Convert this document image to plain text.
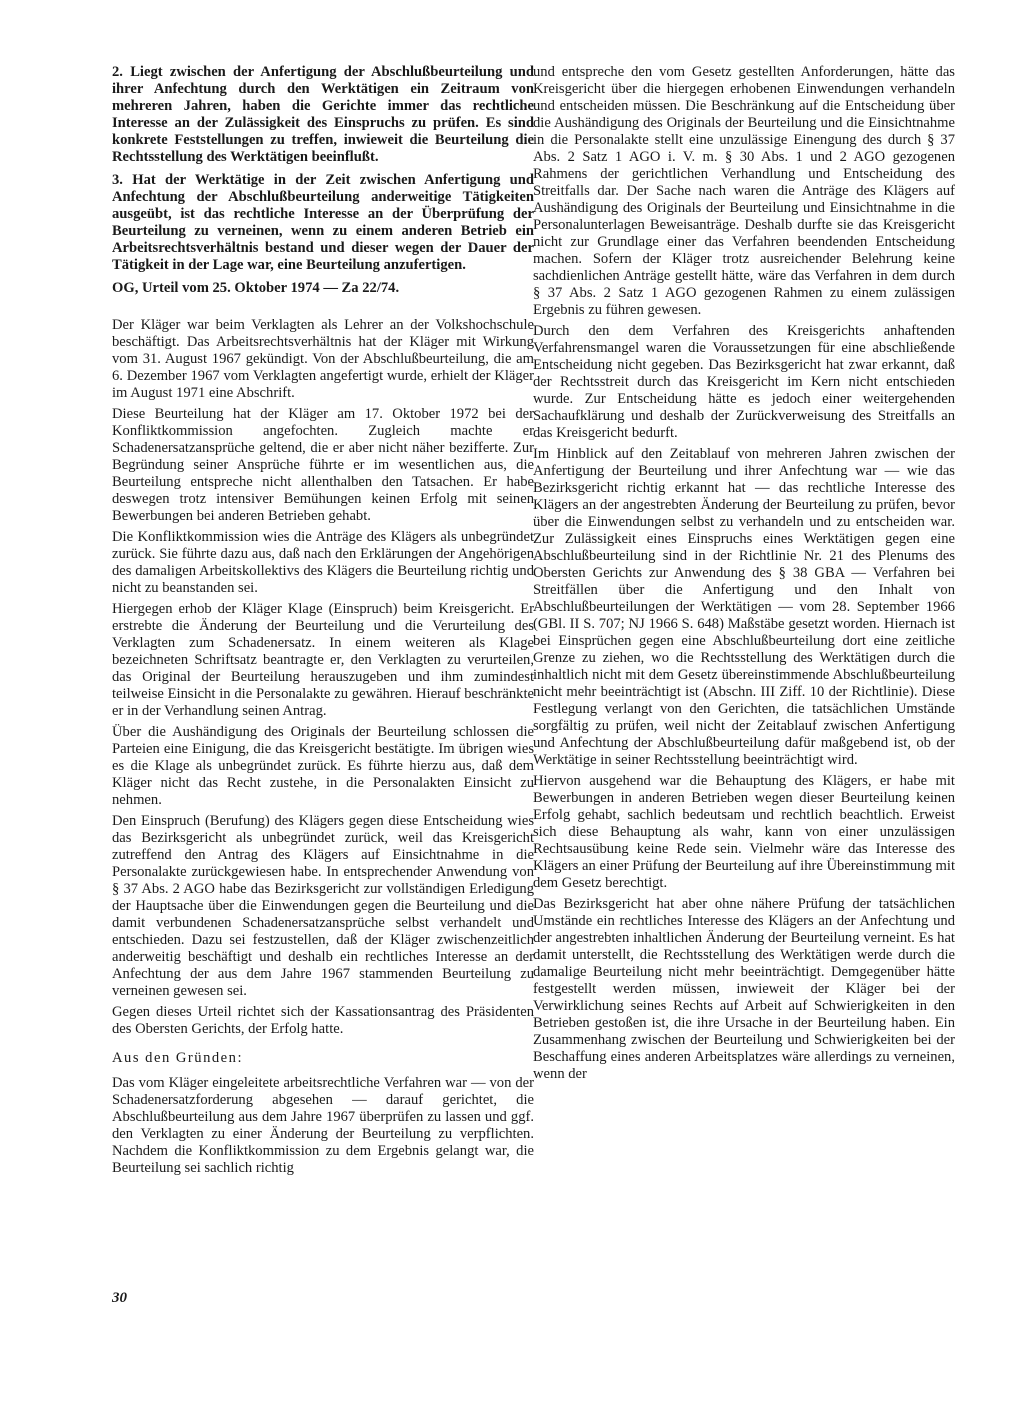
2. Liegt zwischen der Anfertigung der Abschlußbeurteilung und ihrer Anfechtung durch den Werktätigen ein Zeitraum von mehreren Jahren, haben die Gerichte immer das rechtliche Interesse an der Zulässigkeit des Einspruchs zu prüfen. Es sind konkrete Feststellungen zu treffen, inwieweit die Beurteilung die Rechtsstellung des Werktätigen beeinflußt.

3. Hat der Werktätige in der Zeit zwischen Anfertigung und Anfechtung der Abschlußbeurteilung anderweitige Tätigkeiten ausgeübt, ist das rechtliche Interesse an der Überprüfung der Beurteilung zu verneinen, wenn zu einem anderen Betrieb ein Arbeitsrechtsverhältnis bestand und dieser wegen der Dauer der Tätigkeit in der Lage war, eine Beurteilung anzufertigen.

OG, Urteil vom 25. Oktober 1974 — Za 22/74.

Der Kläger war beim Verklagten als Lehrer an der Volkshochschule beschäftigt. Das Arbeitsrechtsverhältnis hat der Kläger mit Wirkung vom 31. August 1967 gekündigt. Von der Abschlußbeurteilung, die am 6. Dezember 1967 vom Verklagten angefertigt wurde, erhielt der Kläger im August 1971 eine Abschrift.

Diese Beurteilung hat der Kläger am 17. Oktober 1972 bei der Konfliktkommission angefochten. Zugleich machte er Schadenersatzansprüche geltend, die er aber nicht näher bezifferte. Zur Begründung seiner Ansprüche führte er im wesentlichen aus, die Beurteilung entspreche nicht allenthalben den Tatsachen. Er habe deswegen trotz intensiver Bemühungen keinen Erfolg mit seinen Bewerbungen bei anderen Betrieben gehabt.

Die Konfliktkommission wies die Anträge des Klägers als unbegründet zurück. Sie führte dazu aus, daß nach den Erklärungen der Angehörigen des damaligen Arbeitskollektivs des Klägers die Beurteilung richtig und nicht zu beanstanden sei.

Hiergegen erhob der Kläger Klage (Einspruch) beim Kreisgericht. Er erstrebte die Änderung der Beurteilung und die Verurteilung des Verklagten zum Schadenersatz. In einem weiteren als Klage bezeichneten Schriftsatz beantragte er, den Verklagten zu verurteilen, das Original der Beurteilung herauszugeben und ihm zumindest teilweise Einsicht in die Personalakte zu gewähren. Hierauf beschränkte er in der Verhandlung seinen Antrag.

Über die Aushändigung des Originals der Beurteilung schlossen die Parteien eine Einigung, die das Kreisgericht bestätigte. Im übrigen wies es die Klage als unbegründet zurück. Es führte hierzu aus, daß dem Kläger nicht das Recht zustehe, in die Personalakten Einsicht zu nehmen.

Den Einspruch (Berufung) des Klägers gegen diese Entscheidung wies das Bezirksgericht als unbegründet zurück, weil das Kreisgericht zutreffend den Antrag des Klägers auf Einsichtnahme in die Personalakte zurückgewiesen habe. In entsprechender Anwendung von § 37 Abs. 2 AGO habe das Bezirksgericht zur vollständigen Erledigung der Hauptsache über die Einwendungen gegen die Beurteilung und die damit verbundenen Schadenersatzansprüche selbst verhandelt und entschieden. Dazu sei festzustellen, daß der Kläger zwischenzeitlich anderweitig beschäftigt und deshalb ein rechtliches Interesse an der Anfechtung der aus dem Jahre 1967 stammenden Beurteilung zu verneinen gewesen sei.

Gegen dieses Urteil richtet sich der Kassationsantrag des Präsidenten des Obersten Gerichts, der Erfolg hatte.

Aus den Gründen:

Das vom Kläger eingeleitete arbeitsrechtliche Verfahren war — von der Schadenersatzforderung abgesehen — darauf gerichtet, die Abschlußbeurteilung aus dem Jahre 1967 überprüfen zu lassen und ggf. den Verklagten zu einer Änderung der Beurteilung zu verpflichten. Nachdem die Konfliktkommission zu dem Ergebnis gelangt war, die Beurteilung sei sachlich richtig

und entspreche den vom Gesetz gestellten Anforderungen, hätte das Kreisgericht über die hiergegen erhobenen Einwendungen verhandeln und entscheiden müssen. Die Beschränkung auf die Entscheidung über die Aushändigung des Originals der Beurteilung und die Einsichtnahme in die Personalakte stellt eine unzulässige Einengung des durch § 37 Abs. 2 Satz 1 AGO i. V. m. § 30 Abs. 1 und 2 AGO gezogenen Rahmens der gerichtlichen Verhandlung und Entscheidung des Streitfalls dar. Der Sache nach waren die Anträge des Klägers auf Aushändigung des Originals der Beurteilung und Einsichtnahme in die Personalunterlagen Beweisanträge. Deshalb durfte sie das Kreisgericht nicht zur Grundlage einer das Verfahren beendenden Entscheidung machen. Sofern der Kläger trotz ausreichender Belehrung keine sachdienlichen Anträge gestellt hätte, wäre das Verfahren in dem durch § 37 Abs. 2 Satz 1 AGO gezogenen Rahmen zu einem zulässigen Ergebnis zu führen gewesen.

Durch den dem Verfahren des Kreisgerichts anhaftenden Verfahrensmangel waren die Voraussetzungen für eine abschließende Entscheidung nicht gegeben. Das Bezirksgericht hat zwar erkannt, daß der Rechtsstreit durch das Kreisgericht im Kern nicht entschieden wurde. Zur Entscheidung hätte es jedoch einer weitergehenden Sachaufklärung und deshalb der Zurückverweisung des Streitfalls an das Kreisgericht bedurft.

Im Hinblick auf den Zeitablauf von mehreren Jahren zwischen der Anfertigung der Beurteilung und ihrer Anfechtung war — wie das Bezirksgericht richtig erkannt hat — das rechtliche Interesse des Klägers an der angestrebten Änderung der Beurteilung zu prüfen, bevor über die Einwendungen selbst zu verhandeln und zu entscheiden war. Zur Zulässigkeit eines Einspruchs eines Werktätigen gegen eine Abschlußbeurteilung sind in der Richtlinie Nr. 21 des Plenums des Obersten Gerichts zur Anwendung des § 38 GBA — Verfahren bei Streitfällen über die Anfertigung und den Inhalt von Abschlußbeurteilungen der Werktätigen — vom 28. September 1966 (GBl. II S. 707; NJ 1966 S. 648) Maßstäbe gesetzt worden. Hiernach ist bei Einsprüchen gegen eine Abschlußbeurteilung dort eine zeitliche Grenze zu ziehen, wo die Rechtsstellung des Werktätigen durch die inhaltlich nicht mit dem Gesetz übereinstimmende Abschlußbeurteilung nicht mehr beeinträchtigt ist (Abschn. III Ziff. 10 der Richtlinie). Diese Festlegung verlangt von den Gerichten, die tatsächlichen Umstände sorgfältig zu prüfen, weil nicht der Zeitablauf zwischen Anfertigung und Anfechtung der Abschlußbeurteilung dafür maßgebend ist, ob der Werktätige in seiner Rechtsstellung beeinträchtigt wird.

Hiervon ausgehend war die Behauptung des Klägers, er habe mit Bewerbungen in anderen Betrieben wegen dieser Beurteilung keinen Erfolg gehabt, sachlich bedeutsam und rechtlich beachtlich. Erweist sich diese Behauptung als wahr, kann von einer unzulässigen Rechtsausübung keine Rede sein. Vielmehr wäre das Interesse des Klägers an einer Prüfung der Beurteilung auf ihre Übereinstimmung mit dem Gesetz berechtigt.

Das Bezirksgericht hat aber ohne nähere Prüfung der tatsächlichen Umstände ein rechtliches Interesse des Klägers an der Anfechtung und der angestrebten inhaltlichen Änderung der Beurteilung verneint. Es hat damit unterstellt, die Rechtsstellung des Werktätigen werde durch die damalige Beurteilung nicht mehr beeinträchtigt. Demgegenüber hätte festgestellt werden müssen, inwieweit der Kläger bei der Verwirklichung seines Rechts auf Arbeit auf Schwierigkeiten in den Betrieben gestoßen ist, die ihre Ursache in der Beurteilung haben. Ein Zusammenhang zwischen der Beurteilung und Schwierigkeiten bei der Beschaffung eines anderen Arbeitsplatzes wäre allerdings zu verneinen, wenn der

30
